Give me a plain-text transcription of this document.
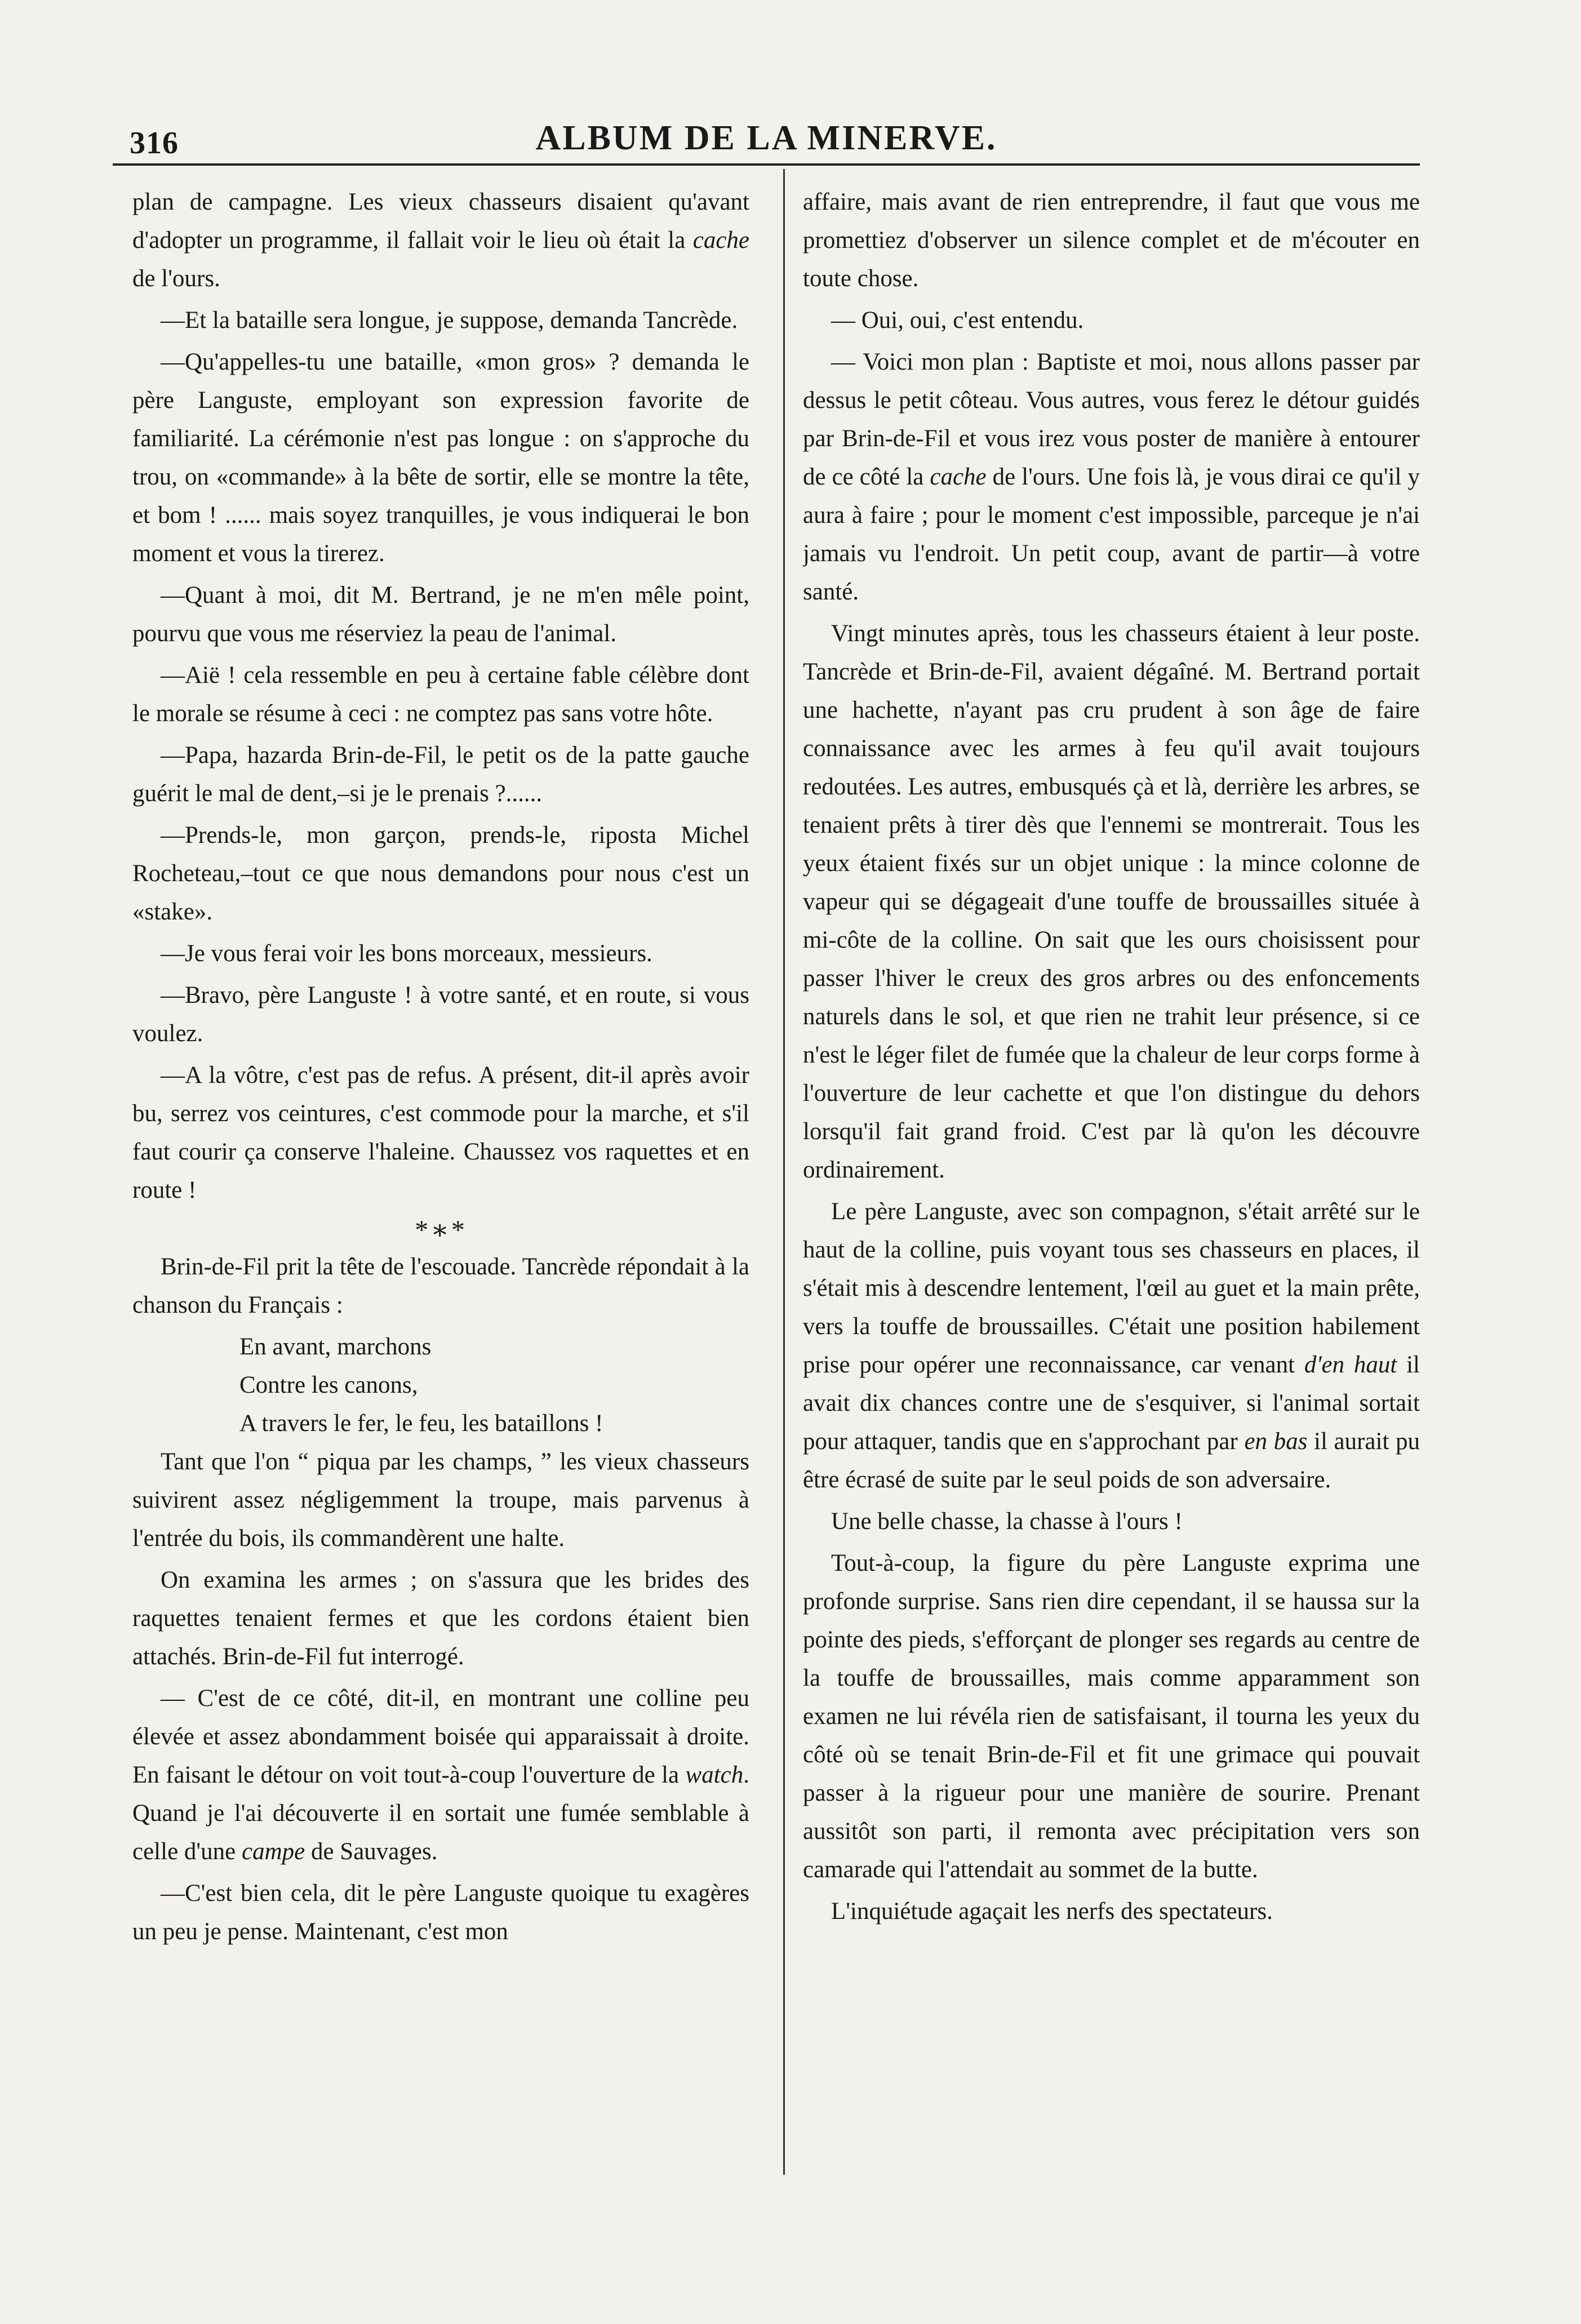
316	ALBUM DE LA MINERVE.

plan de campagne. Les vieux chasseurs disaient qu'avant d'adopter un programme, il fallait voir le lieu où était la cache de l'ours.

—Et la bataille sera longue, je suppose, demanda Tancrède.

—Qu'appelles-tu une bataille, «mon gros» ? demanda le père Languste, employant son expression favorite de familiarité. La cérémonie n'est pas longue : on s'approche du trou, on «commande» à la bête de sortir, elle se montre la tête, et bom ! ...... mais soyez tranquilles, je vous indiquerai le bon moment et vous la tirerez.

—Quant à moi, dit M. Bertrand, je ne m'en mêle point, pourvu que vous me réserviez la peau de l'animal.

—Aië ! cela ressemble en peu à certaine fable célèbre dont le morale se résume à ceci : ne comptez pas sans votre hôte.

—Papa, hazarda Brin-de-Fil, le petit os de la patte gauche guérit le mal de dent,–si je le prenais ?......

—Prends-le, mon garçon, prends-le, riposta Michel Rocheteau,–tout ce que nous demandons pour nous c'est un «stake».

—Je vous ferai voir les bons morceaux, messieurs.

—Bravo, père Languste ! à votre santé, et en route, si vous voulez.

—A la vôtre, c'est pas de refus. A présent, dit-il après avoir bu, serrez vos ceintures, c'est commode pour la marche, et s'il faut courir ça conserve l'haleine. Chaussez vos raquettes et en route !

*∗*

Brin-de-Fil prit la tête de l'escouade. Tancrède répondait à la chanson du Français :

En avant, marchons
Contre les canons,
A travers le fer, le feu, les bataillons !

Tant que l'on “ piqua par les champs, ” les vieux chasseurs suivirent assez négligemment la troupe, mais parvenus à l'entrée du bois, ils commandèrent une halte.

On examina les armes ; on s'assura que les brides des raquettes tenaient fermes et que les cordons étaient bien attachés. Brin-de-Fil fut interrogé.

— C'est de ce côté, dit-il, en montrant une colline peu élevée et assez abondamment boisée qui apparaissait à droite. En faisant le détour on voit tout-à-coup l'ouverture de la watch. Quand je l'ai découverte il en sortait une fumée semblable à celle d'une campe de Sauvages.

—C'est bien cela, dit le père Languste quoique tu exagères un peu je pense. Maintenant, c'est mon

affaire, mais avant de rien entreprendre, il faut que vous me promettiez d'observer un silence complet et de m'écouter en toute chose.

— Oui, oui, c'est entendu.

— Voici mon plan : Baptiste et moi, nous allons passer par dessus le petit côteau. Vous autres, vous ferez le détour guidés par Brin-de-Fil et vous irez vous poster de manière à entourer de ce côté la cache de l'ours. Une fois là, je vous dirai ce qu'il y aura à faire ; pour le moment c'est impossible, parceque je n'ai jamais vu l'endroit. Un petit coup, avant de partir—à votre santé.

Vingt minutes après, tous les chasseurs étaient à leur poste. Tancrède et Brin-de-Fil, avaient dégaîné. M. Bertrand portait une hachette, n'ayant pas cru prudent à son âge de faire connaissance avec les armes à feu qu'il avait toujours redoutées. Les autres, embusqués çà et là, derrière les arbres, se tenaient prêts à tirer dès que l'ennemi se montrerait. Tous les yeux étaient fixés sur un objet unique : la mince colonne de vapeur qui se dégageait d'une touffe de broussailles située à mi-côte de la colline. On sait que les ours choisissent pour passer l'hiver le creux des gros arbres ou des enfoncements naturels dans le sol, et que rien ne trahit leur présence, si ce n'est le léger filet de fumée que la chaleur de leur corps forme à l'ouverture de leur cachette et que l'on distingue du dehors lorsqu'il fait grand froid. C'est par là qu'on les découvre ordinairement.

Le père Languste, avec son compagnon, s'était arrêté sur le haut de la colline, puis voyant tous ses chasseurs en places, il s'était mis à descendre lentement, l'œil au guet et la main prête, vers la touffe de broussailles. C'était une position habilement prise pour opérer une reconnaissance, car venant d'en haut il avait dix chances contre une de s'esquiver, si l'animal sortait pour attaquer, tandis que en s'approchant par en bas il aurait pu être écrasé de suite par le seul poids de son adversaire.

Une belle chasse, la chasse à l'ours !

Tout-à-coup, la figure du père Languste exprima une profonde surprise. Sans rien dire cependant, il se haussa sur la pointe des pieds, s'efforçant de plonger ses regards au centre de la touffe de broussailles, mais comme apparamment son examen ne lui révéla rien de satisfaisant, il tourna les yeux du côté où se tenait Brin-de-Fil et fit une grimace qui pouvait passer à la rigueur pour une manière de sourire. Prenant aussitôt son parti, il remonta avec précipitation vers son camarade qui l'attendait au sommet de la butte.

L'inquiétude agaçait les nerfs des spectateurs.
